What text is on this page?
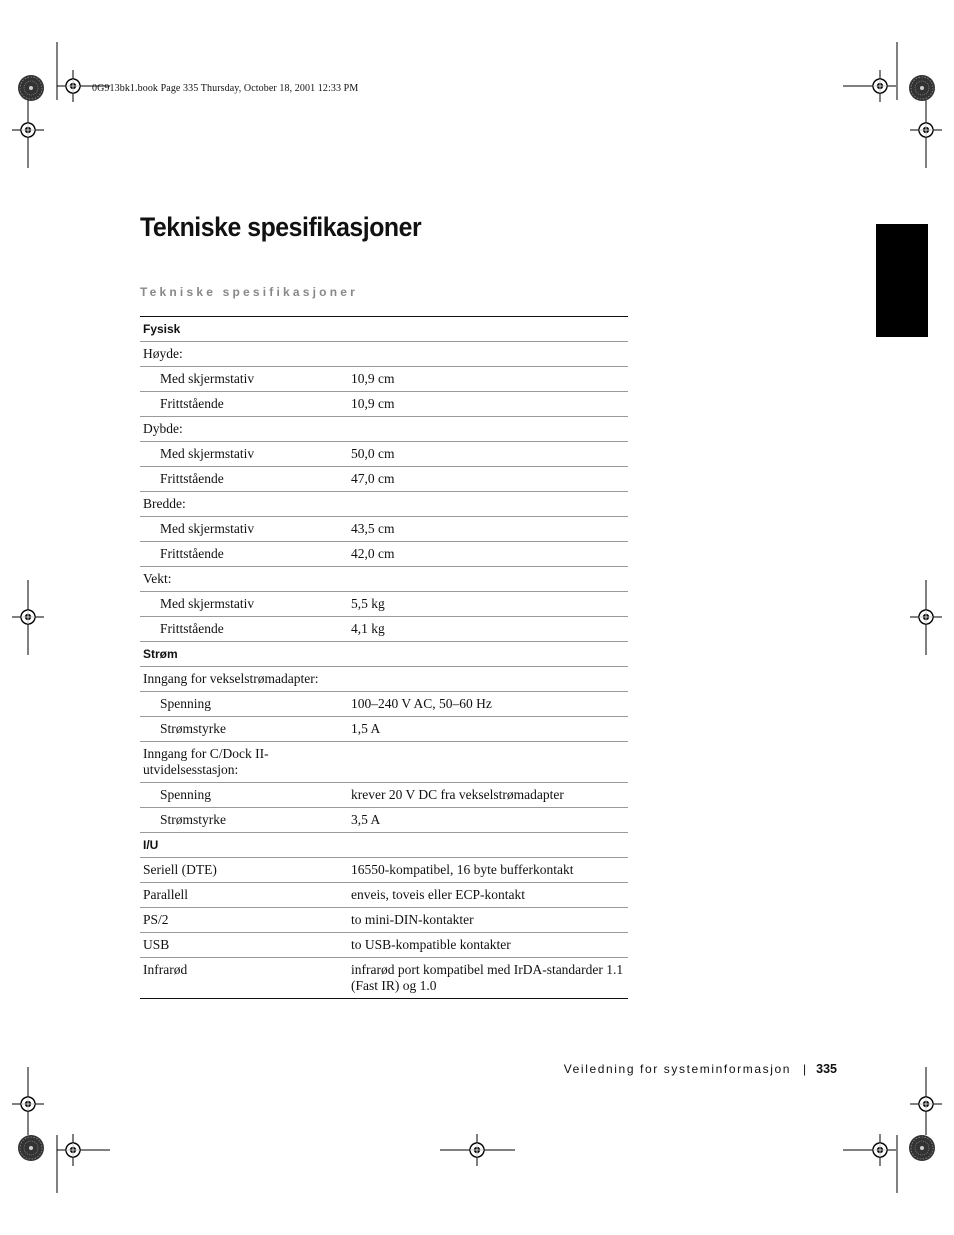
0G913bk1.book Page 335 Thursday, October 18, 2001 12:33 PM
Tekniske spesifikasjoner
Tekniske spesifikasjoner
Fysisk	
Høyde:	
Med skjermstativ	10,9 cm
Frittstående	10,9 cm
Dybde:	
Med skjermstativ	50,0 cm
Frittstående	47,0 cm
Bredde:	
Med skjermstativ	43,5 cm
Frittstående	42,0 cm
Vekt:	
Med skjermstativ	5,5 kg
Frittstående	4,1 kg
Strøm	
Inngang for vekselstrømadapter:	
Spenning	100–240 V AC, 50–60 Hz
Strømstyrke	1,5 A
Inngang for C/Dock II-utvidelsesstasjon:	
Spenning	krever 20 V DC fra vekselstrømadapter
Strømstyrke	3,5 A
I/U	
Seriell (DTE)	16550-kompatibel, 16 byte bufferkontakt
Parallell	enveis, toveis eller ECP-kontakt
PS/2	to mini-DIN-kontakter
USB	to USB-kompatible kontakter
Infrarød	infrarød port kompatibel med IrDA-standarder 1.1 (Fast IR) og 1.0
Veiledning for systeminformasjon | 335
